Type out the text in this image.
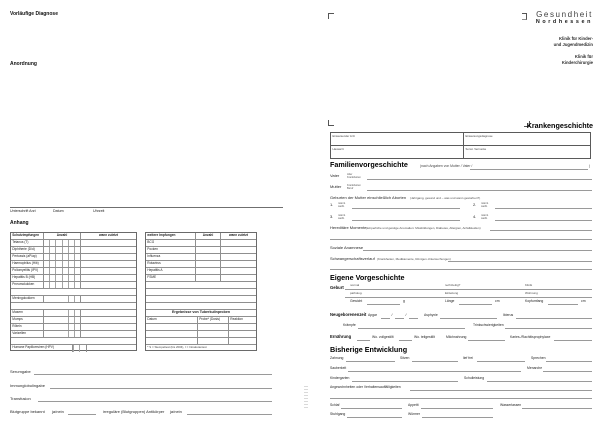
Vorläufige Diagnose
Anordnung
Unterschrift Arzt	Datum	Uhrzeit
Anhang
Schutzimpfungen	Anzahl	wann zuletzt
Tetanus (T)
Diphtherie (D/d)
Pertussis (aP/ap)
Haemophilus (Hib)
Poliomyelitis (IPV)
Hepatitis B (HB)
Pneumokokken
Meningokokken
Masern
Mumps
Röteln
Varizellen
Humane Papillomviren (HPV)
weitere Impfungen	Anzahl	wann zuletzt
BCG
Pocken
Influenza
Rotavirus
Hepatitis A
FSME
Ergebnisse von Tuberkulinproben
Datum	Probe* (Dosis)	Reaktion
* S = Stempeltest (bis 2004), I = Intrakutantest
Serumgabe
Immunglobulingabe
Transfusion
Blutgruppe bekannt ja/nein	irreguläre (Blutgruppen) Antikörper ja/nein
Gesundheit
Nordhessen
Klinik für Kinder-
und Jugendmedizin
Klinik für
Kinderchirurgie
Krankengeschichte
Einweisender Arzt	Einweisungsdiagnose
Hausarzt	Sonst. Vermerke
Familienvorgeschichte	(nach Angaben von Mutter / Vater /	)
Vater	Alter
Krankheiten
Mutter Krankheiten
Beruf
Geburten der Mutter einschließlich Aborten (Jahrgang, gesund und – was und wann gestorben?)
1. männl.
weibl.	2. männl.
weibl.
3. männl.
weibl.	4. männl.
weibl.
Hereditäre Momente (körperliche und geistige Anomalien: Missbildungen, Diabetes, Allergien, Anfallsleiden)
Soziale Anamnese
Schwangerschaftsverlauf (Krankheiten, Medikamente, Röntgen-Untersuchungen)
Eigene Vorgeschichte
Geburt normal	rechtzeitig?	Klinik
patholog.	Einleitung	Wohnung
Gewicht	g	Länge	cm	Kopfumfang	cm
Neugeborenenzeit Apgar	/	/	Asphyxie	Ikterus
Krämpfe	Trinkschwierigkeiten
Ernährung	Wo. vollgestillt	Wo. teilgestillt	Milchnahrung	Karies-/Rachitisprophylaxe
Bisherige Entwicklung
Zahnung	Sitzen	lief frei	Sprechen
Sauberkeit	Menarche
Kindergarten	Schulleistung
Angewohnheiten oder Verhaltensauffälligkeiten
Schlaf	Appetit	Wasserlassen
Stuhlgang	Würmer
